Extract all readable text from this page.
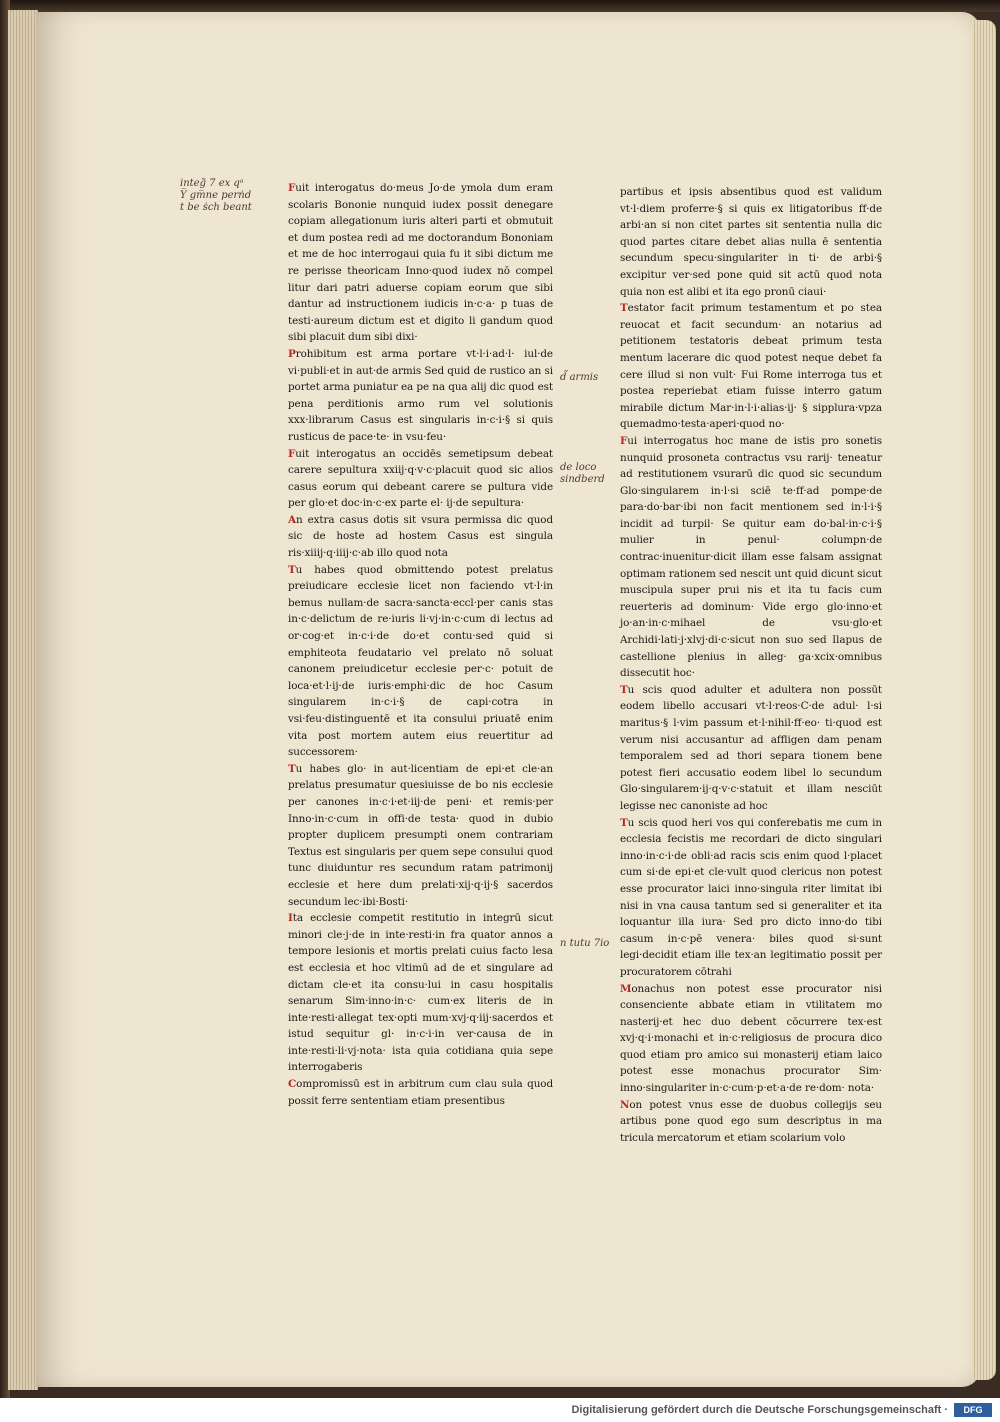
integ̃ 7 ex qᵃ
Y̅ gm̅ne perṅd
t be ṡch beant
d̃ armis
de loco
sindberd
n tutu 7io

Fuit interogatus do·meus Jo·de ymola dum eram scolaris Bononie nunquid iudex possit denegare copiam allegationum iuris alteri parti et obmutuit et dum postea redi ad me doctorandum Bononiam et me de hoc interrogaui quia fu it sibi dictum me re perisse theoricam Inno·quod iudex nō compel litur dari patri aduerse copiam eorum que sibi dantur ad instructionem iudicis in·c·a· p tuas de testi·aureum dictum est et digito li gandum quod sibi placuit dum sibi dixi·

Prohibitum est arma portare vt·l·i·ad·l· iul·de vi·publi·et in aut·de armis Sed quid de rustico an si portet arma puniatur ea pe na qua alij dic quod est pena perditionis armo rum vel solutionis xxx·librarum Casus est singularis in·c·i·§ si quis rusticus de pace·te· in vsu·feu·

Fuit interogatus an occidēs semetipsum debeat carere sepultura xxiij·q·v·c·placuit quod sic alios casus eorum qui debeant carere se pultura vide per glo·et doc·in·c·ex parte el· ij·de sepultura·

An extra casus dotis sit vsura permissa dic quod sic de hoste ad hostem Casus est singula ris·xiiij·q·iiij·c·ab illo quod nota

Tu habes quod obmittendo potest prelatus preiudicare ecclesie licet non faciendo vt·l·in bemus nullam·de sacra·sancta·eccl·per canis stas in·c·delictum de re·iuris li·vj·in·c·cum di lectus ad or·cog·et in·c·i·de do·et contu·sed quid si emphiteota feudatario vel prelato nō soluat canonem preiudicetur ecclesie per·c· potuit de loca·et·l·ij·de iuris·emphi·dic de hoc Casum singularem in·c·i·§ de capi·cotra in vsi·feu·distinguentē et ita consului priuatē enim vita post mortem autem eius reuertitur ad successorem·

Tu habes glo· in aut·licentiam de epi·et cle·an prelatus presumatur quesiuisse de bo nis ecclesie per canones in·c·i·et·iij·de peni· et remis·per Inno·in·c·cum in offi·de testa· quod in dubio propter duplicem presumpti onem contrariam Textus est singularis per quem sepe consului quod tunc diuiduntur res secundum ratam patrimonij ecclesie et here dum prelati·xij·q·ij·§ sacerdos secundum lec·ibi·Bosti·

Ita ecclesie competit restitutio in integrū sicut minori cle·j·de in inte·resti·in fra quator annos a tempore lesionis et mortis prelati cuius facto lesa est ecclesia et hoc vltimū ad de et singulare ad dictam cle·et ita consu·lui in casu hospitalis senarum Sim·inno·in·c· cum·ex literis de in inte·resti·allegat tex·opti mum·xvj·q·iij·sacerdos et istud sequitur gl· in·c·i·in ver·causa de in inte·resti·li·vj·nota· ista quia cotidiana quia sepe interrogaberis

Compromissū est in arbitrum cum clau sula quod possit ferre sententiam etiam presentibus

partibus et ipsis absentibus quod est validum vt·l·diem proferre·§ si quis ex litigatoribus ff·de arbi·an si non citet partes sit sententia nulla dic quod partes citare debet alias nulla ē sententia secundum specu·singulariter in ti· de arbi·§ excipitur ver·sed pone quid sit actū quod nota quia non est alibi et ita ego pronū ciaui·

Testator facit primum testamentum et po stea reuocat et facit secundum· an notarius ad petitionem testatoris debeat primum testa mentum lacerare dic quod potest neque debet fa cere illud si non vult· Fui Rome interroga tus et postea reperiebat etiam fuisse interro gatum mirabile dictum Mar·in·l·i·alias·ij· § sipplura·vpza quemadmo·testa·aperi·quod no·

Fui interrogatus hoc mane de istis pro sonetis nunquid prosoneta contractus vsu rarij· teneatur ad restitutionem vsurarū dic quod sic secundum Glo·singularem in·l·si sciē te·ff·ad pompe·de para·do·bar·ibi non facit mentionem sed in·l·i·§ incidit ad turpil· Se quitur eam do·bal·in·c·i·§ mulier in penul· columpn·de contrac·inuenitur·dicit illam esse falsam assignat optimam rationem sed nescit unt quid dicunt sicut muscipula super prui nis et ita tu facis cum reuerteris ad dominum· Vide ergo glo·inno·et jo·an·in·c·mihael de vsu·glo·et Archidi·lati·j·xlvj·di·c·sicut non suo sed Ilapus de castellione plenius in alleg· ga·xcix·omnibus dissecutit hoc·

Tu scis quod adulter et adultera non possūt eodem libello accusari vt·l·reos·C·de adul· l·si maritus·§ l·vim passum et·l·nihil·ff·eo· ti·quod est verum nisi accusantur ad affligen dam penam temporalem sed ad thori separa tionem bene potest fieri accusatio eodem libel lo secundum Glo·singularem·ij·q·v·c·statuit et illam nesciūt legisse nec canoniste ad hoc

Tu scis quod heri vos qui conferebatis me cum in ecclesia fecistis me recordari de dicto singulari inno·in·c·i·de obli·ad racis scis enim quod l·placet cum si·de epi·et cle·vult quod clericus non potest esse procurator laici inno·singula riter limitat ibi nisi in vna causa tantum sed si generaliter et ita loquantur illa iura· Sed pro dicto inno·do tibi casum in·c·pē venera· biles quod si·sunt legi·decidit etiam ille tex·an legitimatio possit per procuratorem cōtrahi

Monachus non potest esse procurator nisi consenciente abbate etiam in vtilitatem mo nasterij·et hec duo debent cōcurrere tex·est xvj·q·i·monachi et in·c·religiosus de procura dico quod etiam pro amico sui monasterij etiam laico potest esse monachus procurator Sim· inno·singulariter in·c·cum·p·et·a·de re·dom· nota·

Non potest vnus esse de duobus collegijs seu artibus pone quod ego sum descriptus in ma tricula mercatorum et etiam scolarium volo

Digitalisierung gefördert durch die Deutsche Forschungsgemeinschaft ·	DFG
